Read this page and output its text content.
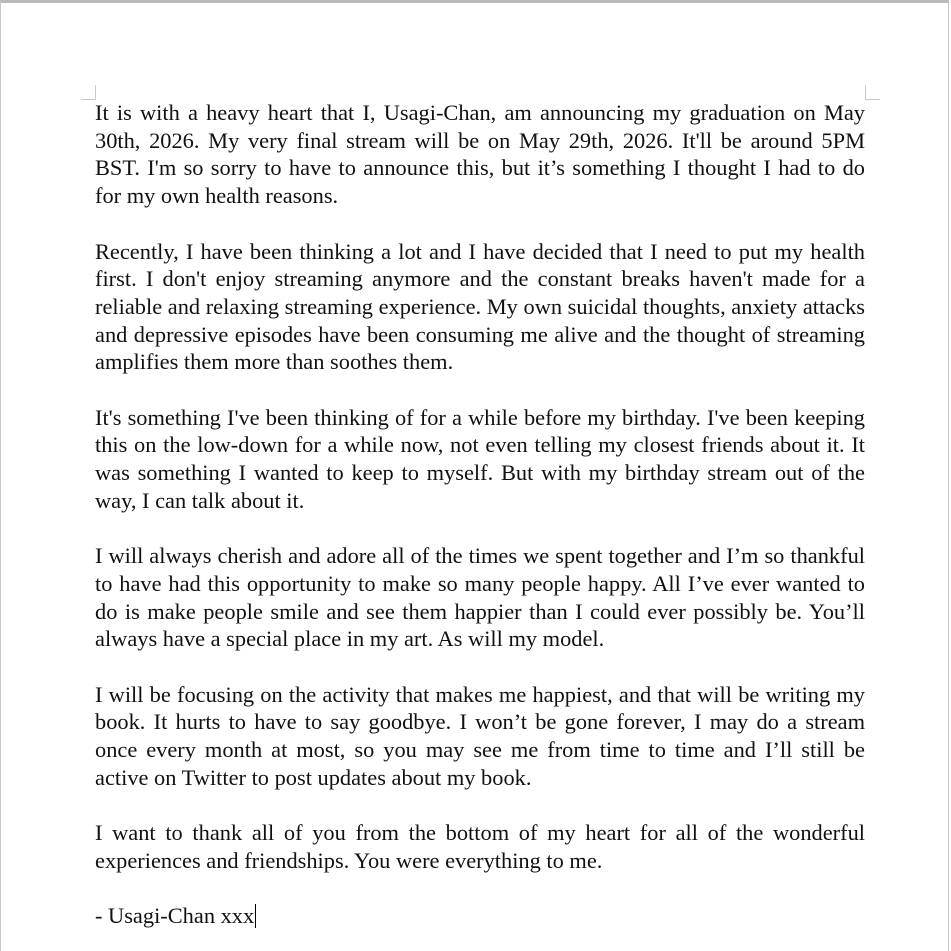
It is with a heavy heart that I, Usagi-Chan, am announcing my graduation on May 30th, 2026. My very final stream will be on May 29th, 2026. It'll be around 5PM BST. I'm so sorry to have to announce this, but it’s something I thought I had to do for my own health reasons.

Recently, I have been thinking a lot and I have decided that I need to put my health first. I don't enjoy streaming anymore and the constant breaks haven't made for a reliable and relaxing streaming experience. My own suicidal thoughts, anxiety attacks and depressive episodes have been consuming me alive and the thought of streaming amplifies them more than soothes them.

It's something I've been thinking of for a while before my birthday. I've been keeping this on the low-down for a while now, not even telling my closest friends about it. It was something I wanted to keep to myself. But with my birthday stream out of the way, I can talk about it.

I will always cherish and adore all of the times we spent together and I’m so thankful to have had this opportunity to make so many people happy. All I’ve ever wanted to do is make people smile and see them happier than I could ever possibly be. You’ll always have a special place in my art. As will my model.

I will be focusing on the activity that makes me happiest, and that will be writing my book. It hurts to have to say goodbye. I won’t be gone forever, I may do a stream once every month at most, so you may see me from time to time and I’ll still be active on Twitter to post updates about my book.

I want to thank all of you from the bottom of my heart for all of the wonderful experiences and friendships. You were everything to me.

- Usagi-Chan xxx
